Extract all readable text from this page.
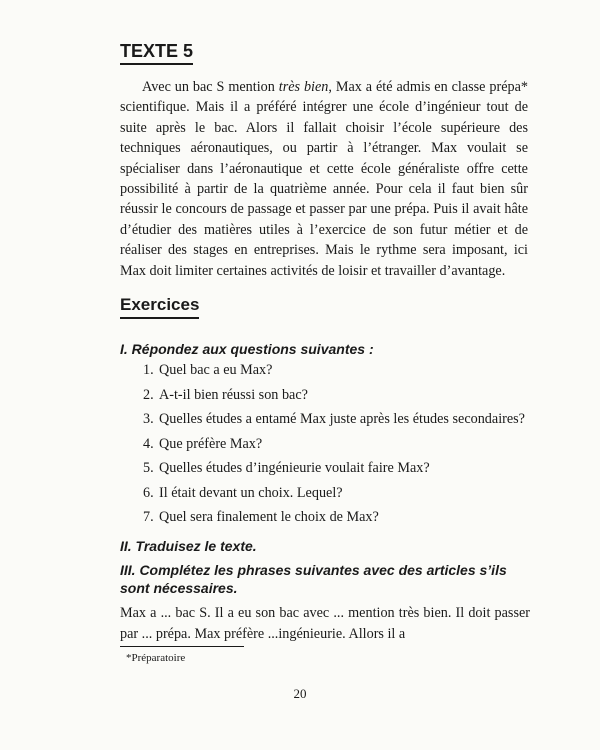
TEXTE 5

Avec un bac S mention très bien, Max a été admis en classe prépa* scientifique. Mais il a préféré intégrer une école d’ingénieur tout de suite après le bac. Alors il fallait choisir l’école supérieure des techniques aéronautiques, ou partir à l’étranger. Max voulait se spécialiser dans l’aéronautique et cette école généraliste offre cette possibilité à partir de la quatrième année. Pour cela il faut bien sûr réussir le concours de passage et passer par une prépa. Puis il avait hâte d’étudier des matières utiles à l’exercice de son futur métier et de réaliser des stages en entreprises. Mais le rythme sera imposant, ici Max doit limiter certaines activités de loisir et travailler d’avantage.

Exercices

I. Répondez aux questions suivantes :

1. Quel bac a eu Max?
2. A-t-il bien réussi son bac?
3. Quelles études a entamé Max juste après les études secondaires?
4. Que préfère Max?
5. Quelles études d’ingénieurie voulait faire Max?
6. Il était devant un choix. Lequel?
7. Quel sera finalement le choix de Max?

II. Traduisez le texte.

III. Complétez les phrases suivantes avec des articles s’ils sont nécessaires.

Max a ... bac S. Il a eu son bac avec ... mention très bien. Il doit passer par ... prépa. Max préfère ...ingénieurie. Allors il a

*Préparatoire
20
